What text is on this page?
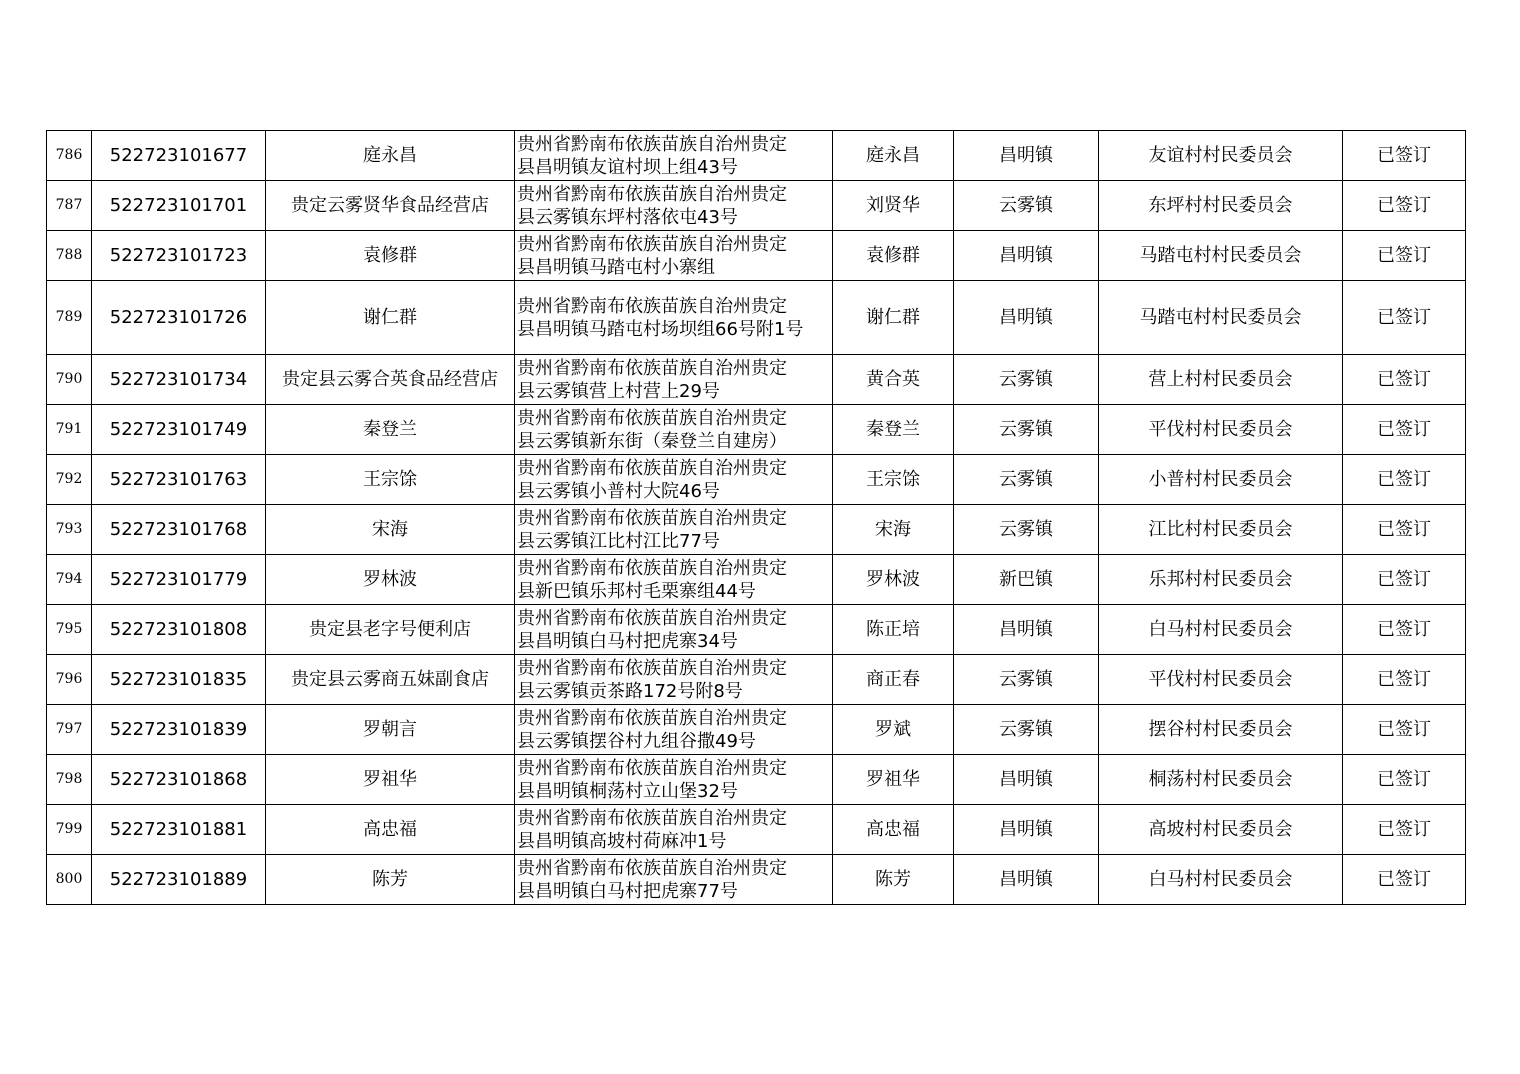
786	522723101677	庭永昌	贵州省黔南布依族苗族自治州贵定
县昌明镇友谊村坝上组43号	庭永昌	昌明镇	友谊村村民委员会	已签订
787	522723101701	贵定云雾贤华食品经营店	贵州省黔南布依族苗族自治州贵定
县云雾镇东坪村落依屯43号	刘贤华	云雾镇	东坪村村民委员会	已签订
788	522723101723	袁修群	贵州省黔南布依族苗族自治州贵定
县昌明镇马踏屯村小寨组	袁修群	昌明镇	马踏屯村村民委员会	已签订
789	522723101726	谢仁群	贵州省黔南布依族苗族自治州贵定
县昌明镇马踏屯村场坝组66号附1号	谢仁群	昌明镇	马踏屯村村民委员会	已签订
790	522723101734	贵定县云雾合英食品经营店	贵州省黔南布依族苗族自治州贵定
县云雾镇营上村营上29号	黄合英	云雾镇	营上村村民委员会	已签订
791	522723101749	秦登兰	贵州省黔南布依族苗族自治州贵定
县云雾镇新东街（秦登兰自建房）	秦登兰	云雾镇	平伐村村民委员会	已签订
792	522723101763	王宗馀	贵州省黔南布依族苗族自治州贵定
县云雾镇小普村大院46号	王宗馀	云雾镇	小普村村民委员会	已签订
793	522723101768	宋海	贵州省黔南布依族苗族自治州贵定
县云雾镇江比村江比77号	宋海	云雾镇	江比村村民委员会	已签订
794	522723101779	罗林波	贵州省黔南布依族苗族自治州贵定
县新巴镇乐邦村毛栗寨组44号	罗林波	新巴镇	乐邦村村民委员会	已签订
795	522723101808	贵定县老字号便利店	贵州省黔南布依族苗族自治州贵定
县昌明镇白马村把虎寨34号	陈正培	昌明镇	白马村村民委员会	已签订
796	522723101835	贵定县云雾商五妹副食店	贵州省黔南布依族苗族自治州贵定
县云雾镇贡茶路172号附8号	商正春	云雾镇	平伐村村民委员会	已签订
797	522723101839	罗朝言	贵州省黔南布依族苗族自治州贵定
县云雾镇摆谷村九组谷撒49号	罗斌	云雾镇	摆谷村村民委员会	已签订
798	522723101868	罗祖华	贵州省黔南布依族苗族自治州贵定
县昌明镇桐荡村立山堡32号	罗祖华	昌明镇	桐荡村村民委员会	已签订
799	522723101881	高忠福	贵州省黔南布依族苗族自治州贵定
县昌明镇高坡村荷麻冲1号	高忠福	昌明镇	高坡村村民委员会	已签订
800	522723101889	陈芳	贵州省黔南布依族苗族自治州贵定
县昌明镇白马村把虎寨77号	陈芳	昌明镇	白马村村民委员会	已签订
